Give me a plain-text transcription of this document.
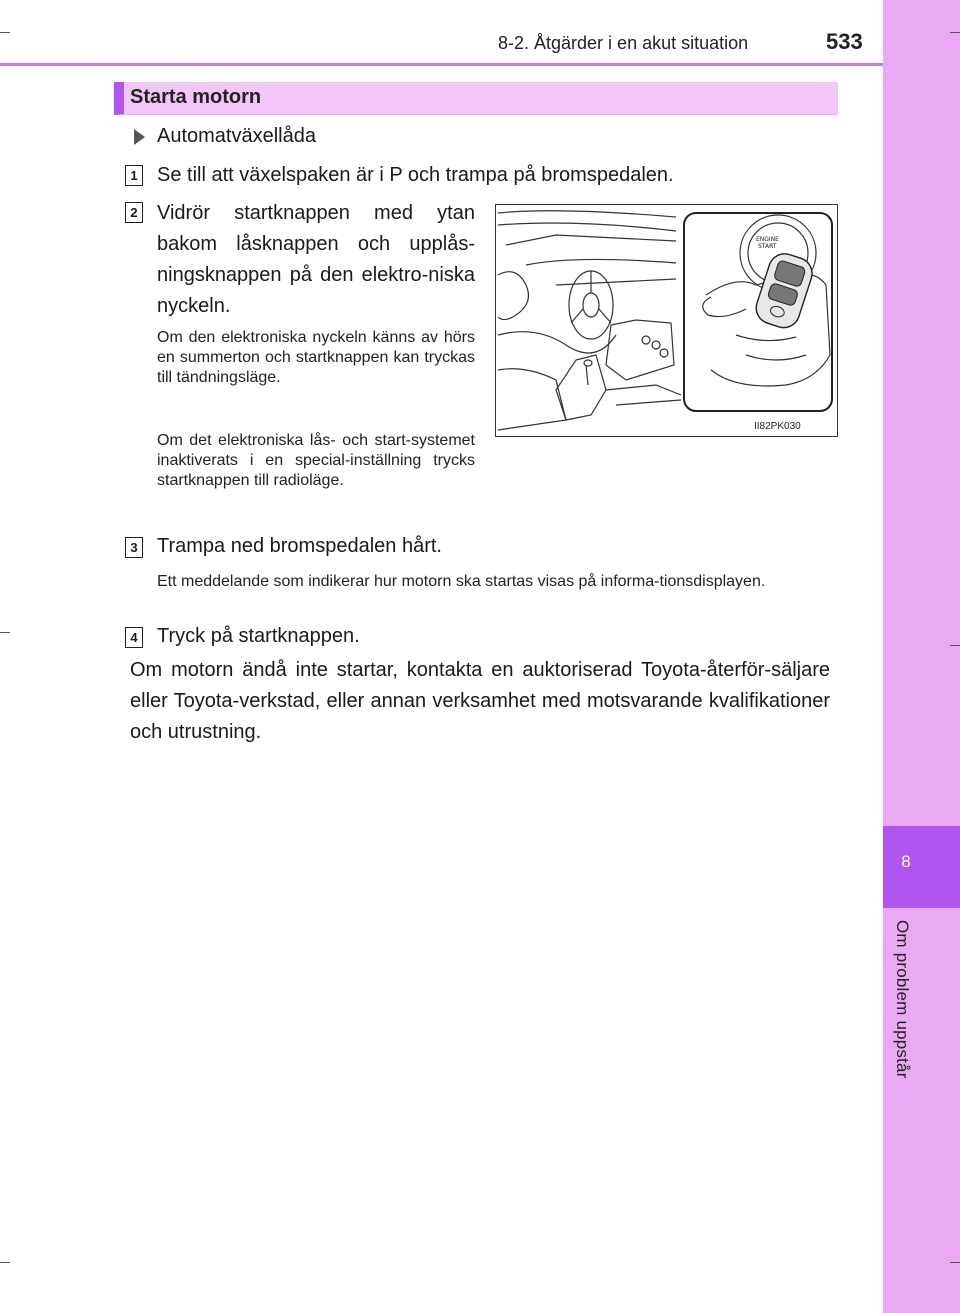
8
Om problem uppstår
8-2. Åtgärder i en akut situation	533
Starta motorn
Automatväxellåda
1 Se till att växelspaken är i P och trampa på bromspedalen.
2 Vidrör startknappen med ytan bakom låsknappen och upplås-ningsknappen på den elektro-niska nyckeln.
Om den elektroniska nyckeln känns av hörs en summerton och startknappen kan tryckas till tändningsläge.
Om det elektroniska lås- och start-systemet inaktiverats i en special-inställning trycks startknappen till radioläge.
ENGINE
START
II82PK030
3 Trampa ned bromspedalen hårt.
Ett meddelande som indikerar hur motorn ska startas visas på informa-tionsdisplayen.
4 Tryck på startknappen.
Om motorn ändå inte startar, kontakta en auktoriserad Toyota-återför-säljare eller Toyota-verkstad, eller annan verksamhet med motsvarande kvalifikationer och utrustning.
